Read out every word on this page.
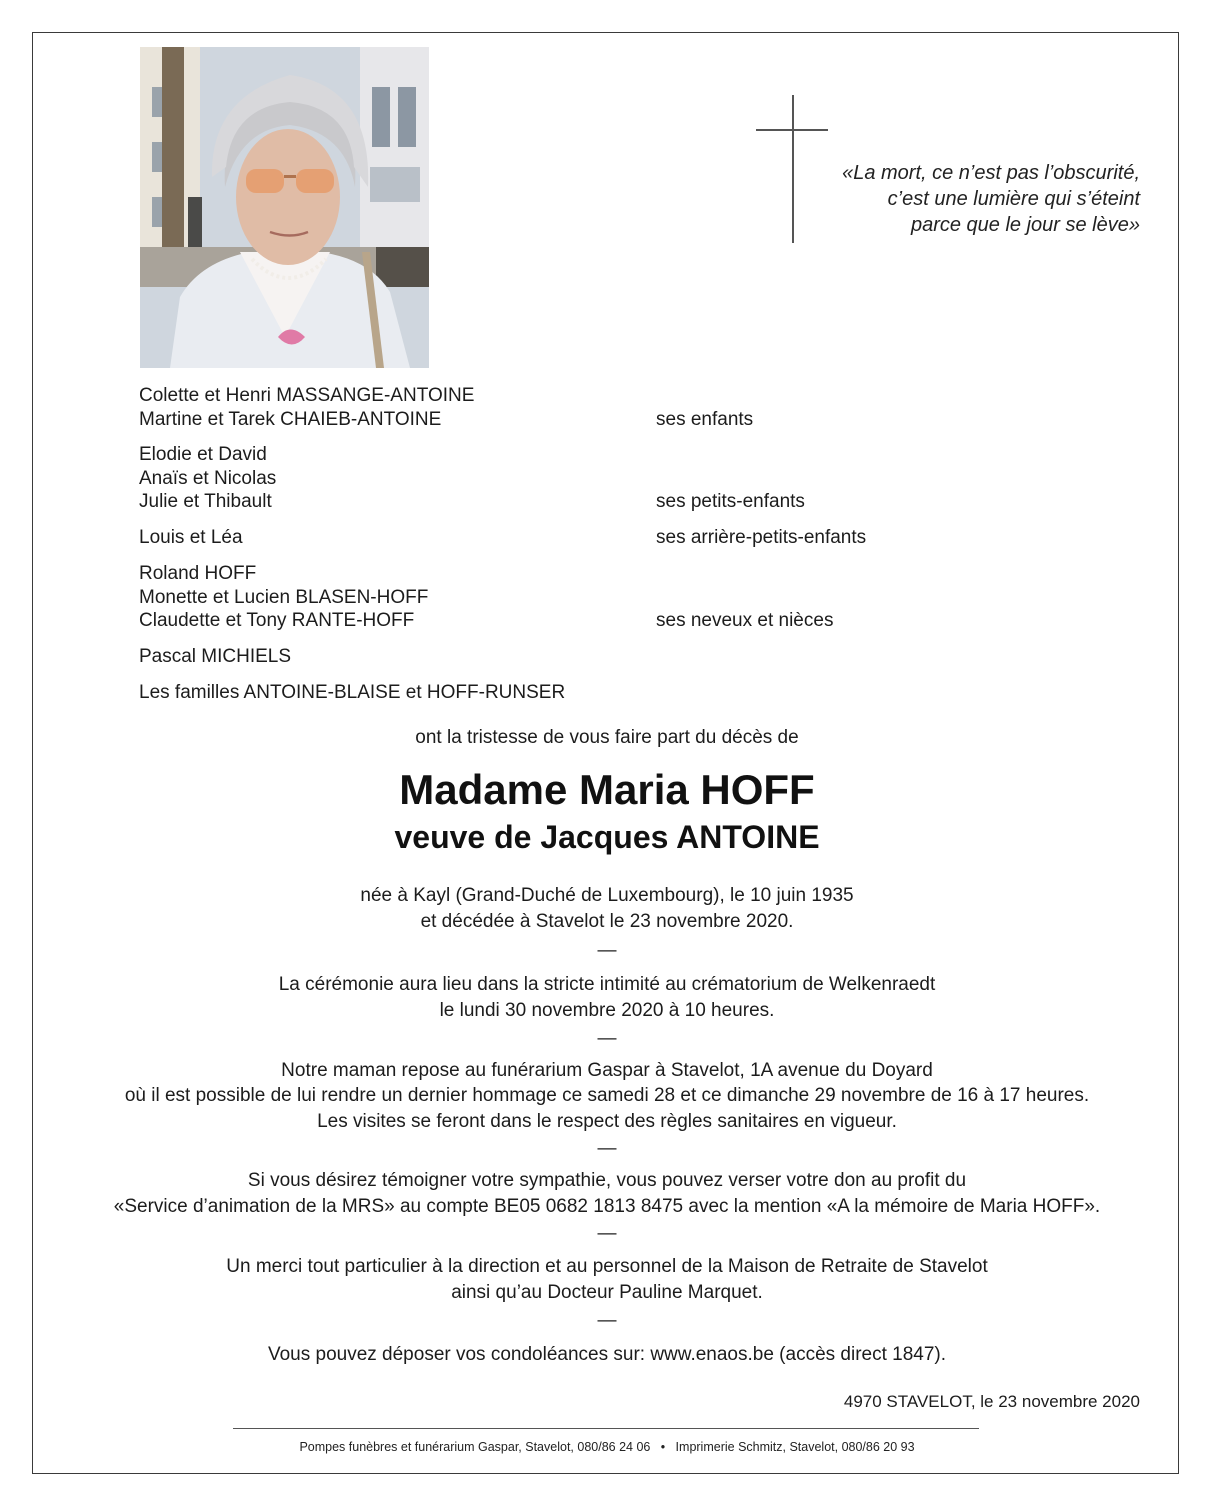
«La mort, ce n’est pas l’obscurité,
c’est une lumière qui s’éteint
parce que le jour se lève»
Colette et Henri MASSANGE-ANTOINE
Martine et Tarek CHAIEB-ANTOINE	ses enfants
Elodie et David
Anaïs et Nicolas
Julie et Thibault	ses petits-enfants
Louis et Léa	ses arrière-petits-enfants
Roland HOFF
Monette et Lucien BLASEN-HOFF
Claudette et Tony RANTE-HOFF	ses neveux et nièces
Pascal MICHIELS
Les familles ANTOINE-BLAISE et HOFF-RUNSER
ont la tristesse de vous faire part du décès de
Madame Maria HOFF
veuve de Jacques ANTOINE
née à Kayl (Grand-Duché de Luxembourg), le 10 juin 1935
et décédée à Stavelot le 23 novembre 2020.
—
La cérémonie aura lieu dans la stricte intimité au crématorium de Welkenraedt
le lundi 30 novembre 2020 à 10 heures.
—
Notre maman repose au funérarium Gaspar à Stavelot, 1A avenue du Doyard
où il est possible de lui rendre un dernier hommage ce samedi 28 et ce dimanche 29 novembre de 16 à 17 heures.
Les visites se feront dans le respect des règles sanitaires en vigueur.
—
Si vous désirez témoigner votre sympathie, vous pouvez verser votre don au profit du
«Service d’animation de la MRS» au compte BE05 0682 1813 8475 avec la mention «A la mémoire de Maria HOFF».
—
Un merci tout particulier à la direction et au personnel de la Maison de Retraite de Stavelot
ainsi qu’au Docteur Pauline Marquet.
—
Vous pouvez déposer vos condoléances sur: www.enaos.be (accès direct 1847).
4970 STAVELOT, le 23 novembre 2020
Pompes funèbres et funérarium Gaspar, Stavelot, 080/86 24 06   •   Imprimerie Schmitz, Stavelot, 080/86 20 93
